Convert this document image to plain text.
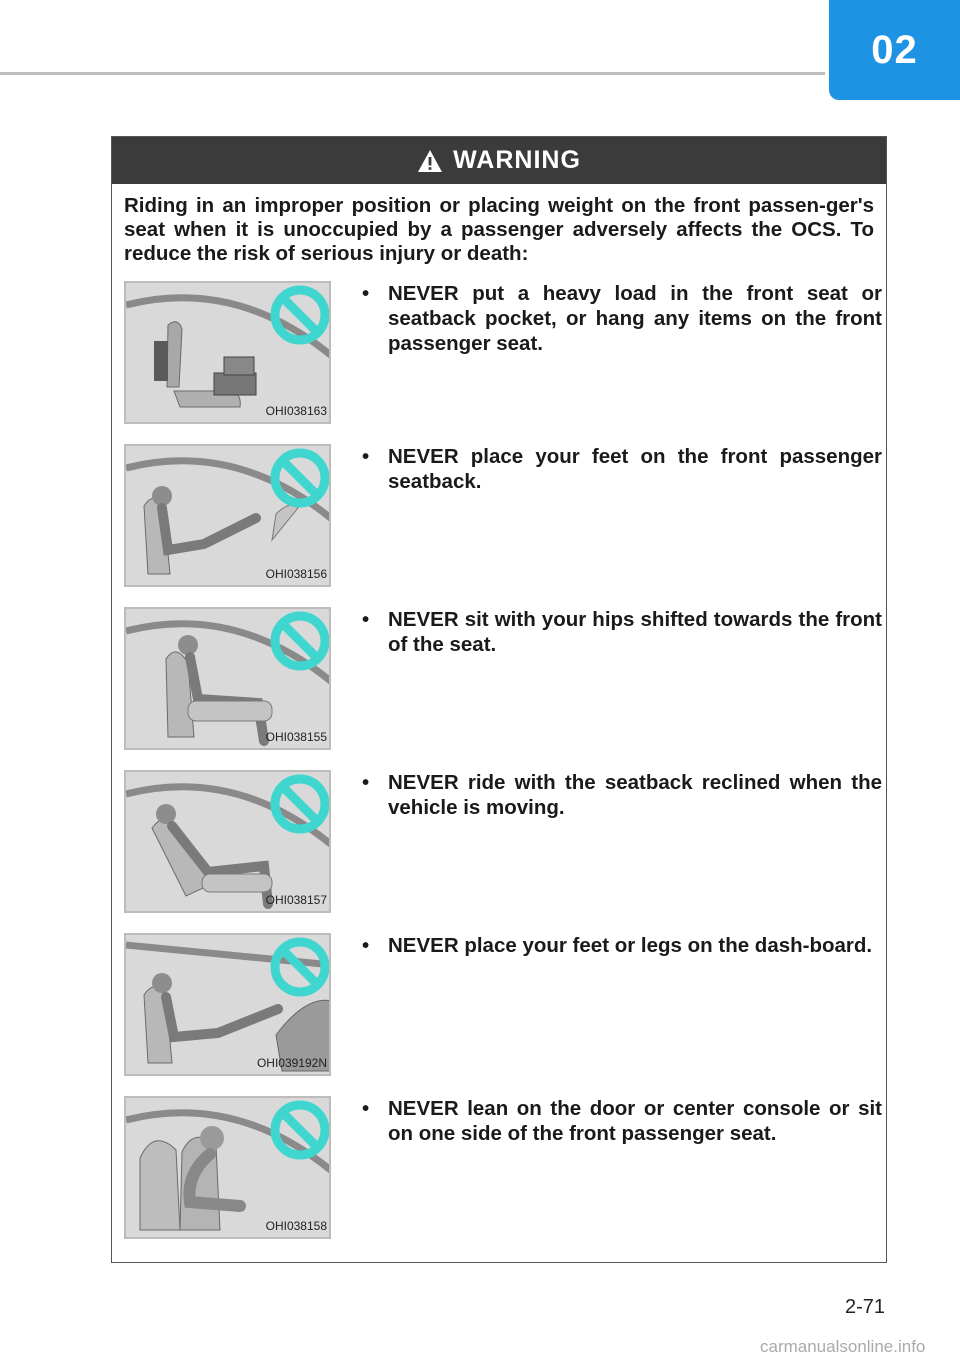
02
WARNING
Riding in an improper position or placing weight on the front passen-ger's seat when it is unoccupied by a passenger adversely affects the OCS. To reduce the risk of serious injury or death:
OHI038163
• NEVER put a heavy load in the front seat or seatback pocket, or hang any items on the front passenger seat.
OHI038156
• NEVER place your feet on the front passenger seatback.
OHI038155
• NEVER sit with your hips shifted towards the front of the seat.
OHI038157
• NEVER ride with the seatback reclined when the vehicle is moving.
OHI039192N
• NEVER place your feet or legs on the dash-board.
OHI038158
• NEVER lean on the door or center console or sit on one side of the front passenger seat.
2-71
carmanualsonline.info
